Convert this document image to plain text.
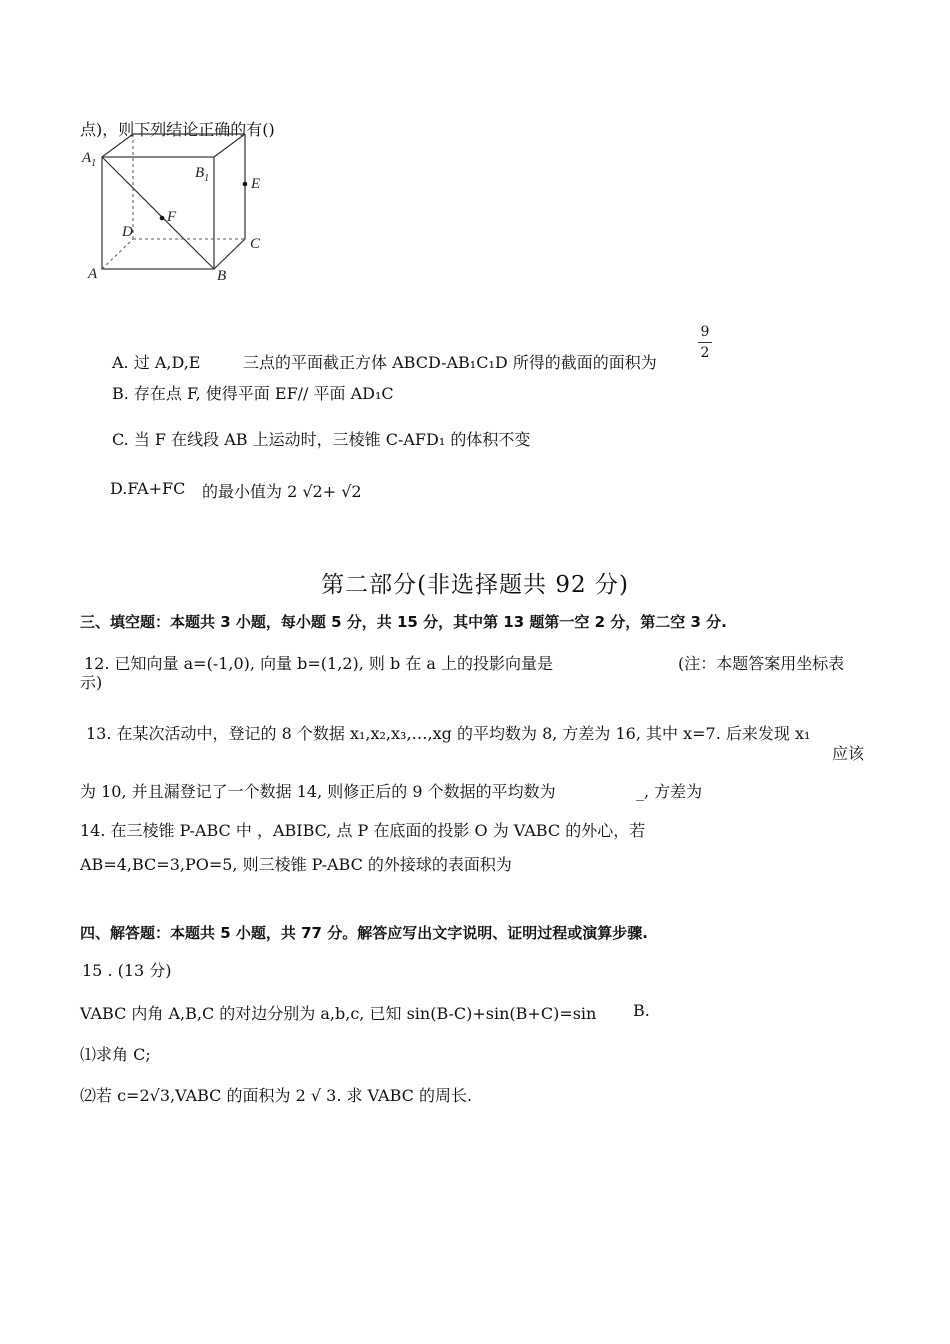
点)，则下列结论正确的有()
$A_1$
$B_1$
D
C
A	B
E
F
A. 过 A,D,E	三点的平面截正方体 ABCD-AB₁C₁D 所得的截面的面积为
9
2
B. 存在点 F, 使得平面 EF// 平面 AD₁C
C. 当 F 在线段 AB 上运动时，三棱锥 C-AFD₁ 的体积不变
D.FA+FC 的最小值为 2 √2+ √2
第二部分(非选择题共 92 分)
三、填空题：本题共 3 小题，每小题 5 分，共 15 分，其中第 13 题第一空 2 分，第二空 3 分.
12. 已知向量 a=(-1,0), 向量 b=(1,2), 则 b 在 a 上的投影向量是	(注：本题答案用坐标表
示)
13. 在某次活动中，登记的 8 个数据 x₁,x₂,x₃,…,xg 的平均数为 8, 方差为 16, 其中 x=7. 后来发现 x₁
应该
为 10, 并且漏登记了一个数据 14, 则修正后的 9 个数据的平均数为	_, 方差为
14. 在三棱锥 P-ABC 中 ，ABIBC, 点 P 在底面的投影 O 为 VABC 的外心，若
AB=4,BC=3,PO=5, 则三棱锥 P-ABC 的外接球的表面积为
四、解答题：本题共 5 小题，共 77 分。解答应写出文字说明、证明过程或演算步骤.
15 . (13 分)
VABC 内角 A,B,C 的对边分别为 a,b,c, 已知 sin(B-C)+sin(B+C)=sin B.
⑴求角 C;
⑵若 c=2√3,VABC 的面积为 2 √ 3. 求 VABC 的周长.
